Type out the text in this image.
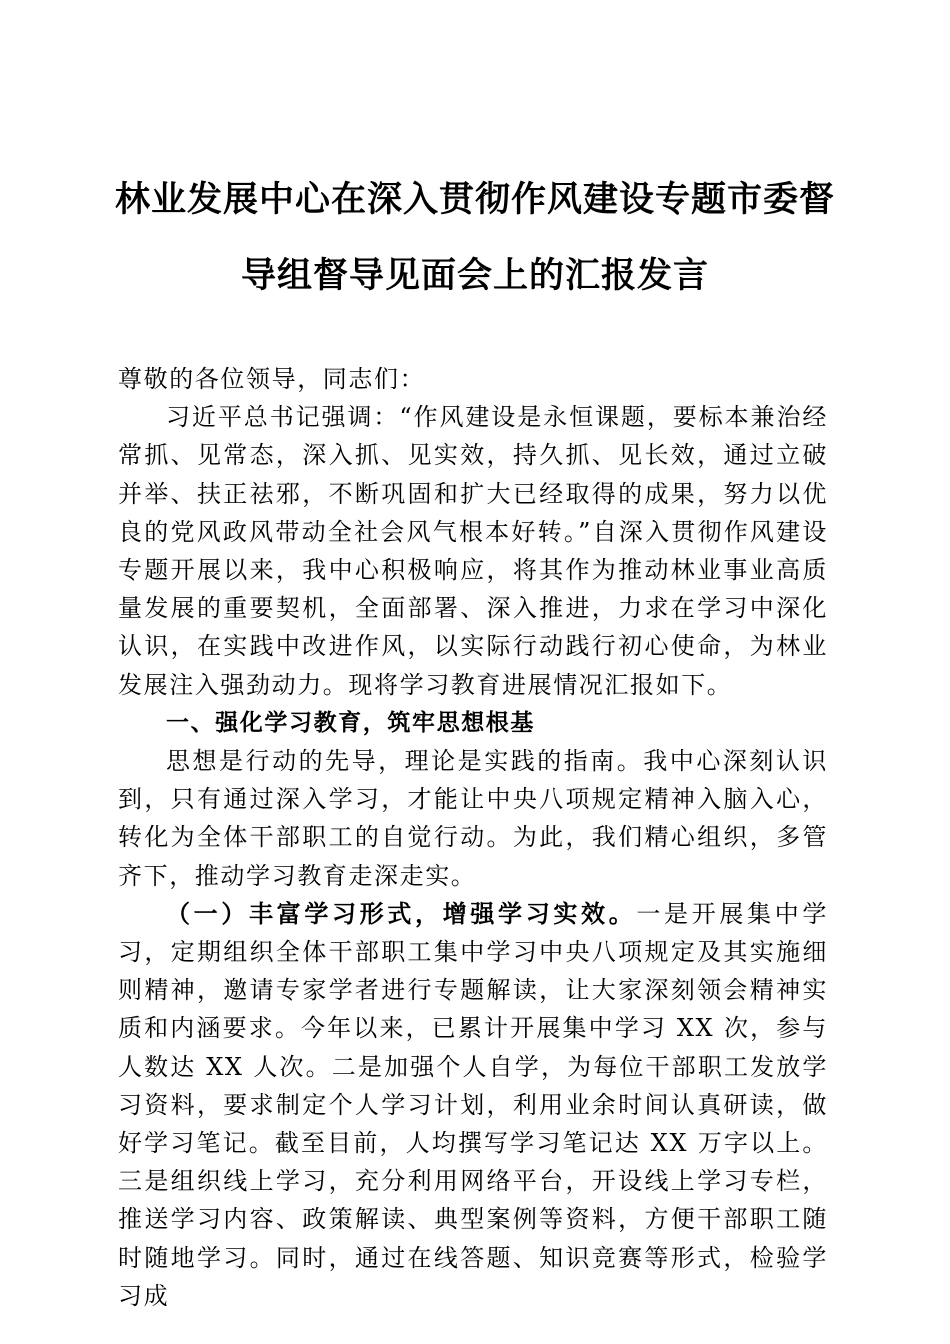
林业发展中心在深入贯彻作风建设专题市委督
导组督导见面会上的汇报发言

尊敬的各位领导，同志们：

习近平总书记强调：“作风建设是永恒课题，要标本兼治经常抓、见常态，深入抓、见实效，持久抓、见长效，通过立破并举、扶正祛邪，不断巩固和扩大已经取得的成果，努力以优良的党风政风带动全社会风气根本好转。”自深入贯彻作风建设专题开展以来，我中心积极响应，将其作为推动林业事业高质量发展的重要契机，全面部署、深入推进，力求在学习中深化认识，在实践中改进作风，以实际行动践行初心使命，为林业发展注入强劲动力。现将学习教育进展情况汇报如下。

一、强化学习教育，筑牢思想根基

思想是行动的先导，理论是实践的指南。我中心深刻认识到，只有通过深入学习，才能让中央八项规定精神入脑入心，转化为全体干部职工的自觉行动。为此，我们精心组织，多管齐下，推动学习教育走深走实。

（一）丰富学习形式，增强学习实效。一是开展集中学习，定期组织全体干部职工集中学习中央八项规定及其实施细则精神，邀请专家学者进行专题解读，让大家深刻领会精神实质和内涵要求。今年以来，已累计开展集中学习 XX 次，参与人数达 XX 人次。二是加强个人自学，为每位干部职工发放学习资料，要求制定个人学习计划，利用业余时间认真研读，做好学习笔记。截至目前，人均撰写学习笔记达 XX 万字以上。三是组织线上学习，充分利用网络平台，开设线上学习专栏，推送学习内容、政策解读、典型案例等资料，方便干部职工随时随地学习。同时，通过在线答题、知识竞赛等形式，检验学习成
